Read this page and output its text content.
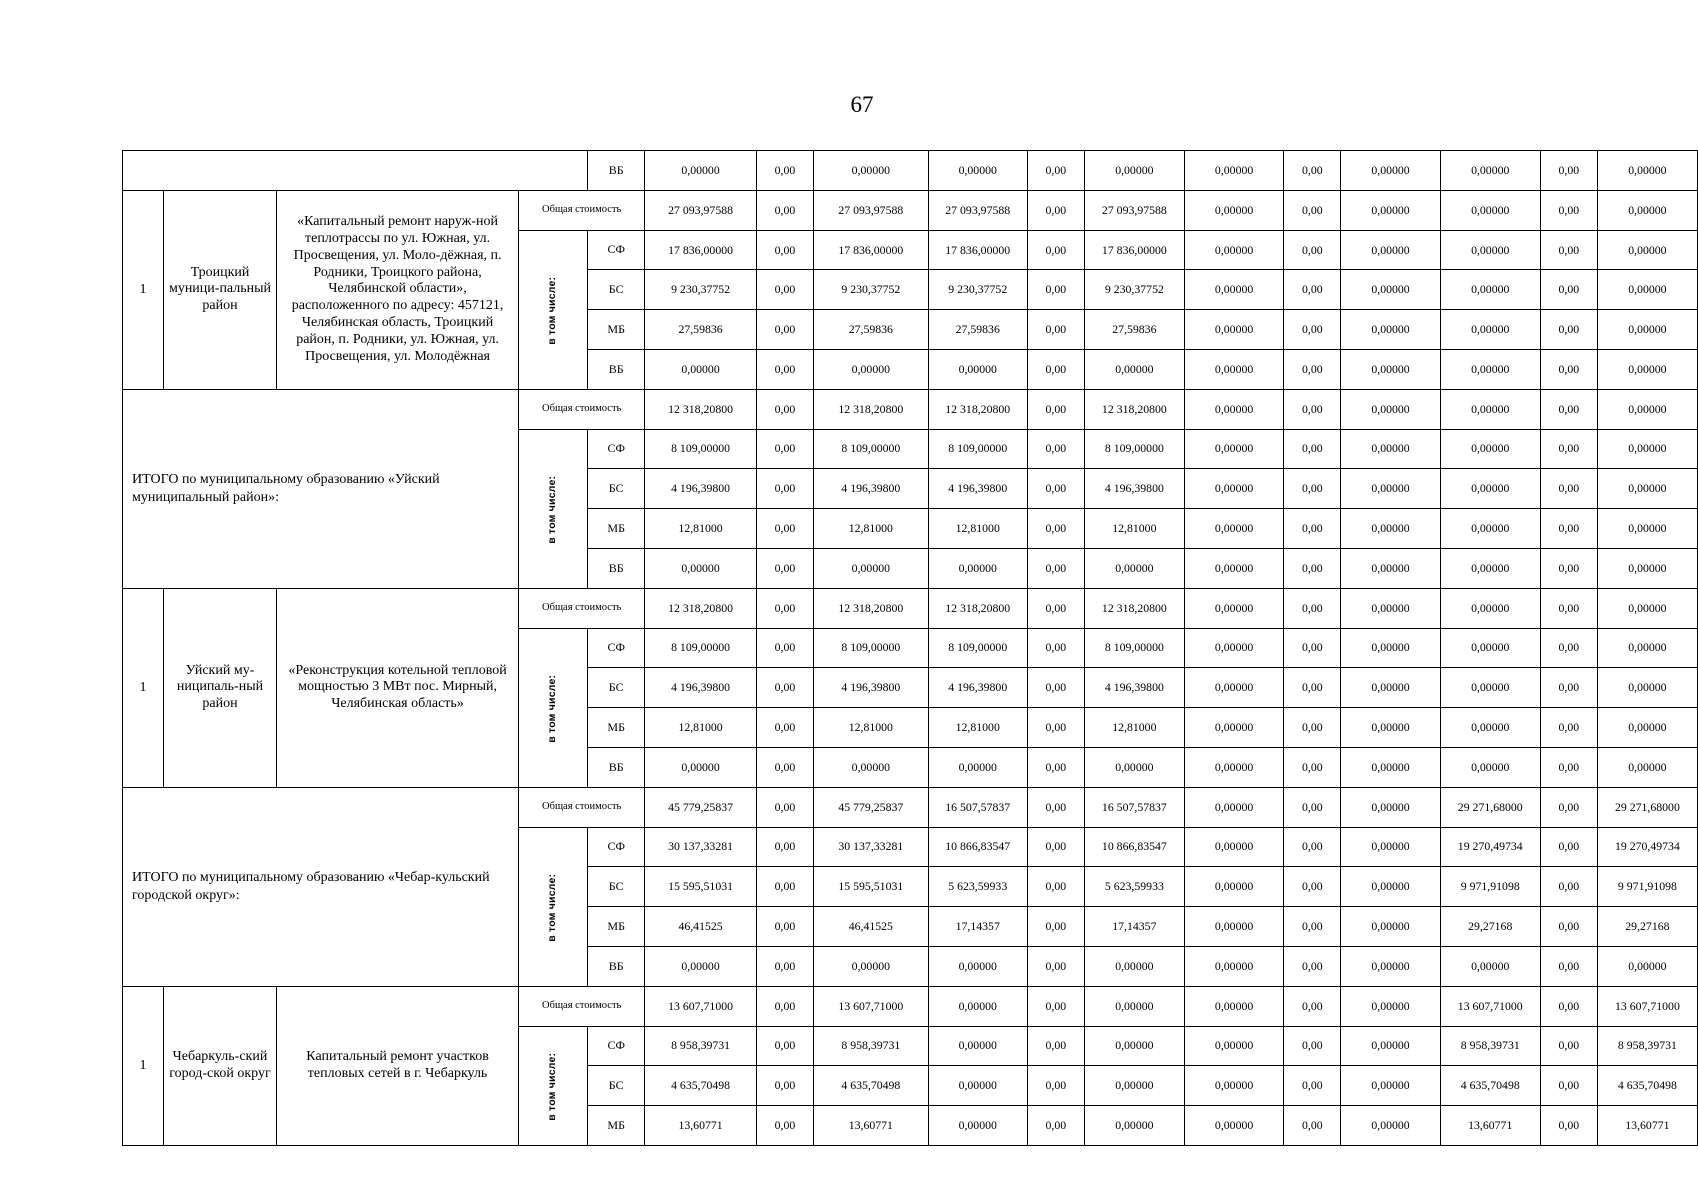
67
				ВБ	0,00000	0,00	0,00000	0,00000	0,00	0,00000	0,00000	0,00	0,00000	0,00000	0,00	0,00000
1	Троицкий муници-пальный район	«Капитальный ремонт наруж-ной теплотрассы по ул. Южная, ул. Просвещения, ул. Моло-дёжная, п. Родники, Троицкого района, Челябинской области», расположенного по адресу: 457121, Челябинская область, Троицкий район, п. Родники, ул. Южная, ул. Просвещения, ул. Молодёжная	Общая стоимость		27 093,97588	0,00	27 093,97588	27 093,97588	0,00	27 093,97588	0,00000	0,00	0,00000	0,00000	0,00	0,00000
			в том числе:	СФ	17 836,00000	0,00	17 836,00000	17 836,00000	0,00	17 836,00000	0,00000	0,00	0,00000	0,00000	0,00	0,00000
				БС	9 230,37752	0,00	9 230,37752	9 230,37752	0,00	9 230,37752	0,00000	0,00	0,00000	0,00000	0,00	0,00000
				МБ	27,59836	0,00	27,59836	27,59836	0,00	27,59836	0,00000	0,00	0,00000	0,00000	0,00	0,00000
				ВБ	0,00000	0,00	0,00000	0,00000	0,00	0,00000	0,00000	0,00	0,00000	0,00000	0,00	0,00000
ИТОГО по муниципальному образованию «Уйский муниципальный район»:			Общая стоимость		12 318,20800	0,00	12 318,20800	12 318,20800	0,00	12 318,20800	0,00000	0,00	0,00000	0,00000	0,00	0,00000
			в том числе:	СФ	8 109,00000	0,00	8 109,00000	8 109,00000	0,00	8 109,00000	0,00000	0,00	0,00000	0,00000	0,00	0,00000
				БС	4 196,39800	0,00	4 196,39800	4 196,39800	0,00	4 196,39800	0,00000	0,00	0,00000	0,00000	0,00	0,00000
				МБ	12,81000	0,00	12,81000	12,81000	0,00	12,81000	0,00000	0,00	0,00000	0,00000	0,00	0,00000
				ВБ	0,00000	0,00	0,00000	0,00000	0,00	0,00000	0,00000	0,00	0,00000	0,00000	0,00	0,00000
1	Уйский му-ниципаль-ный район	«Реконструкция котельной тепловой мощностью 3 МВт пос. Мирный, Челябинская область»	Общая стоимость		12 318,20800	0,00	12 318,20800	12 318,20800	0,00	12 318,20800	0,00000	0,00	0,00000	0,00000	0,00	0,00000
			в том числе:	СФ	8 109,00000	0,00	8 109,00000	8 109,00000	0,00	8 109,00000	0,00000	0,00	0,00000	0,00000	0,00	0,00000
				БС	4 196,39800	0,00	4 196,39800	4 196,39800	0,00	4 196,39800	0,00000	0,00	0,00000	0,00000	0,00	0,00000
				МБ	12,81000	0,00	12,81000	12,81000	0,00	12,81000	0,00000	0,00	0,00000	0,00000	0,00	0,00000
				ВБ	0,00000	0,00	0,00000	0,00000	0,00	0,00000	0,00000	0,00	0,00000	0,00000	0,00	0,00000
ИТОГО по муниципальному образованию «Чебар-кульский городской округ»:			Общая стоимость		45 779,25837	0,00	45 779,25837	16 507,57837	0,00	16 507,57837	0,00000	0,00	0,00000	29 271,68000	0,00	29 271,68000
			в том числе:	СФ	30 137,33281	0,00	30 137,33281	10 866,83547	0,00	10 866,83547	0,00000	0,00	0,00000	19 270,49734	0,00	19 270,49734
				БС	15 595,51031	0,00	15 595,51031	5 623,59933	0,00	5 623,59933	0,00000	0,00	0,00000	9 971,91098	0,00	9 971,91098
				МБ	46,41525	0,00	46,41525	17,14357	0,00	17,14357	0,00000	0,00	0,00000	29,27168	0,00	29,27168
				ВБ	0,00000	0,00	0,00000	0,00000	0,00	0,00000	0,00000	0,00	0,00000	0,00000	0,00	0,00000
1	Чебаркуль-ский город-ской округ	Капитальный ремонт участков тепловых сетей в г. Чебаркуль	Общая стоимость		13 607,71000	0,00	13 607,71000	0,00000	0,00	0,00000	0,00000	0,00	0,00000	13 607,71000	0,00	13 607,71000
			в том числе:	СФ	8 958,39731	0,00	8 958,39731	0,00000	0,00	0,00000	0,00000	0,00	0,00000	8 958,39731	0,00	8 958,39731
				БС	4 635,70498	0,00	4 635,70498	0,00000	0,00	0,00000	0,00000	0,00	0,00000	4 635,70498	0,00	4 635,70498
				МБ	13,60771	0,00	13,60771	0,00000	0,00	0,00000	0,00000	0,00	0,00000	13,60771	0,00	13,60771
